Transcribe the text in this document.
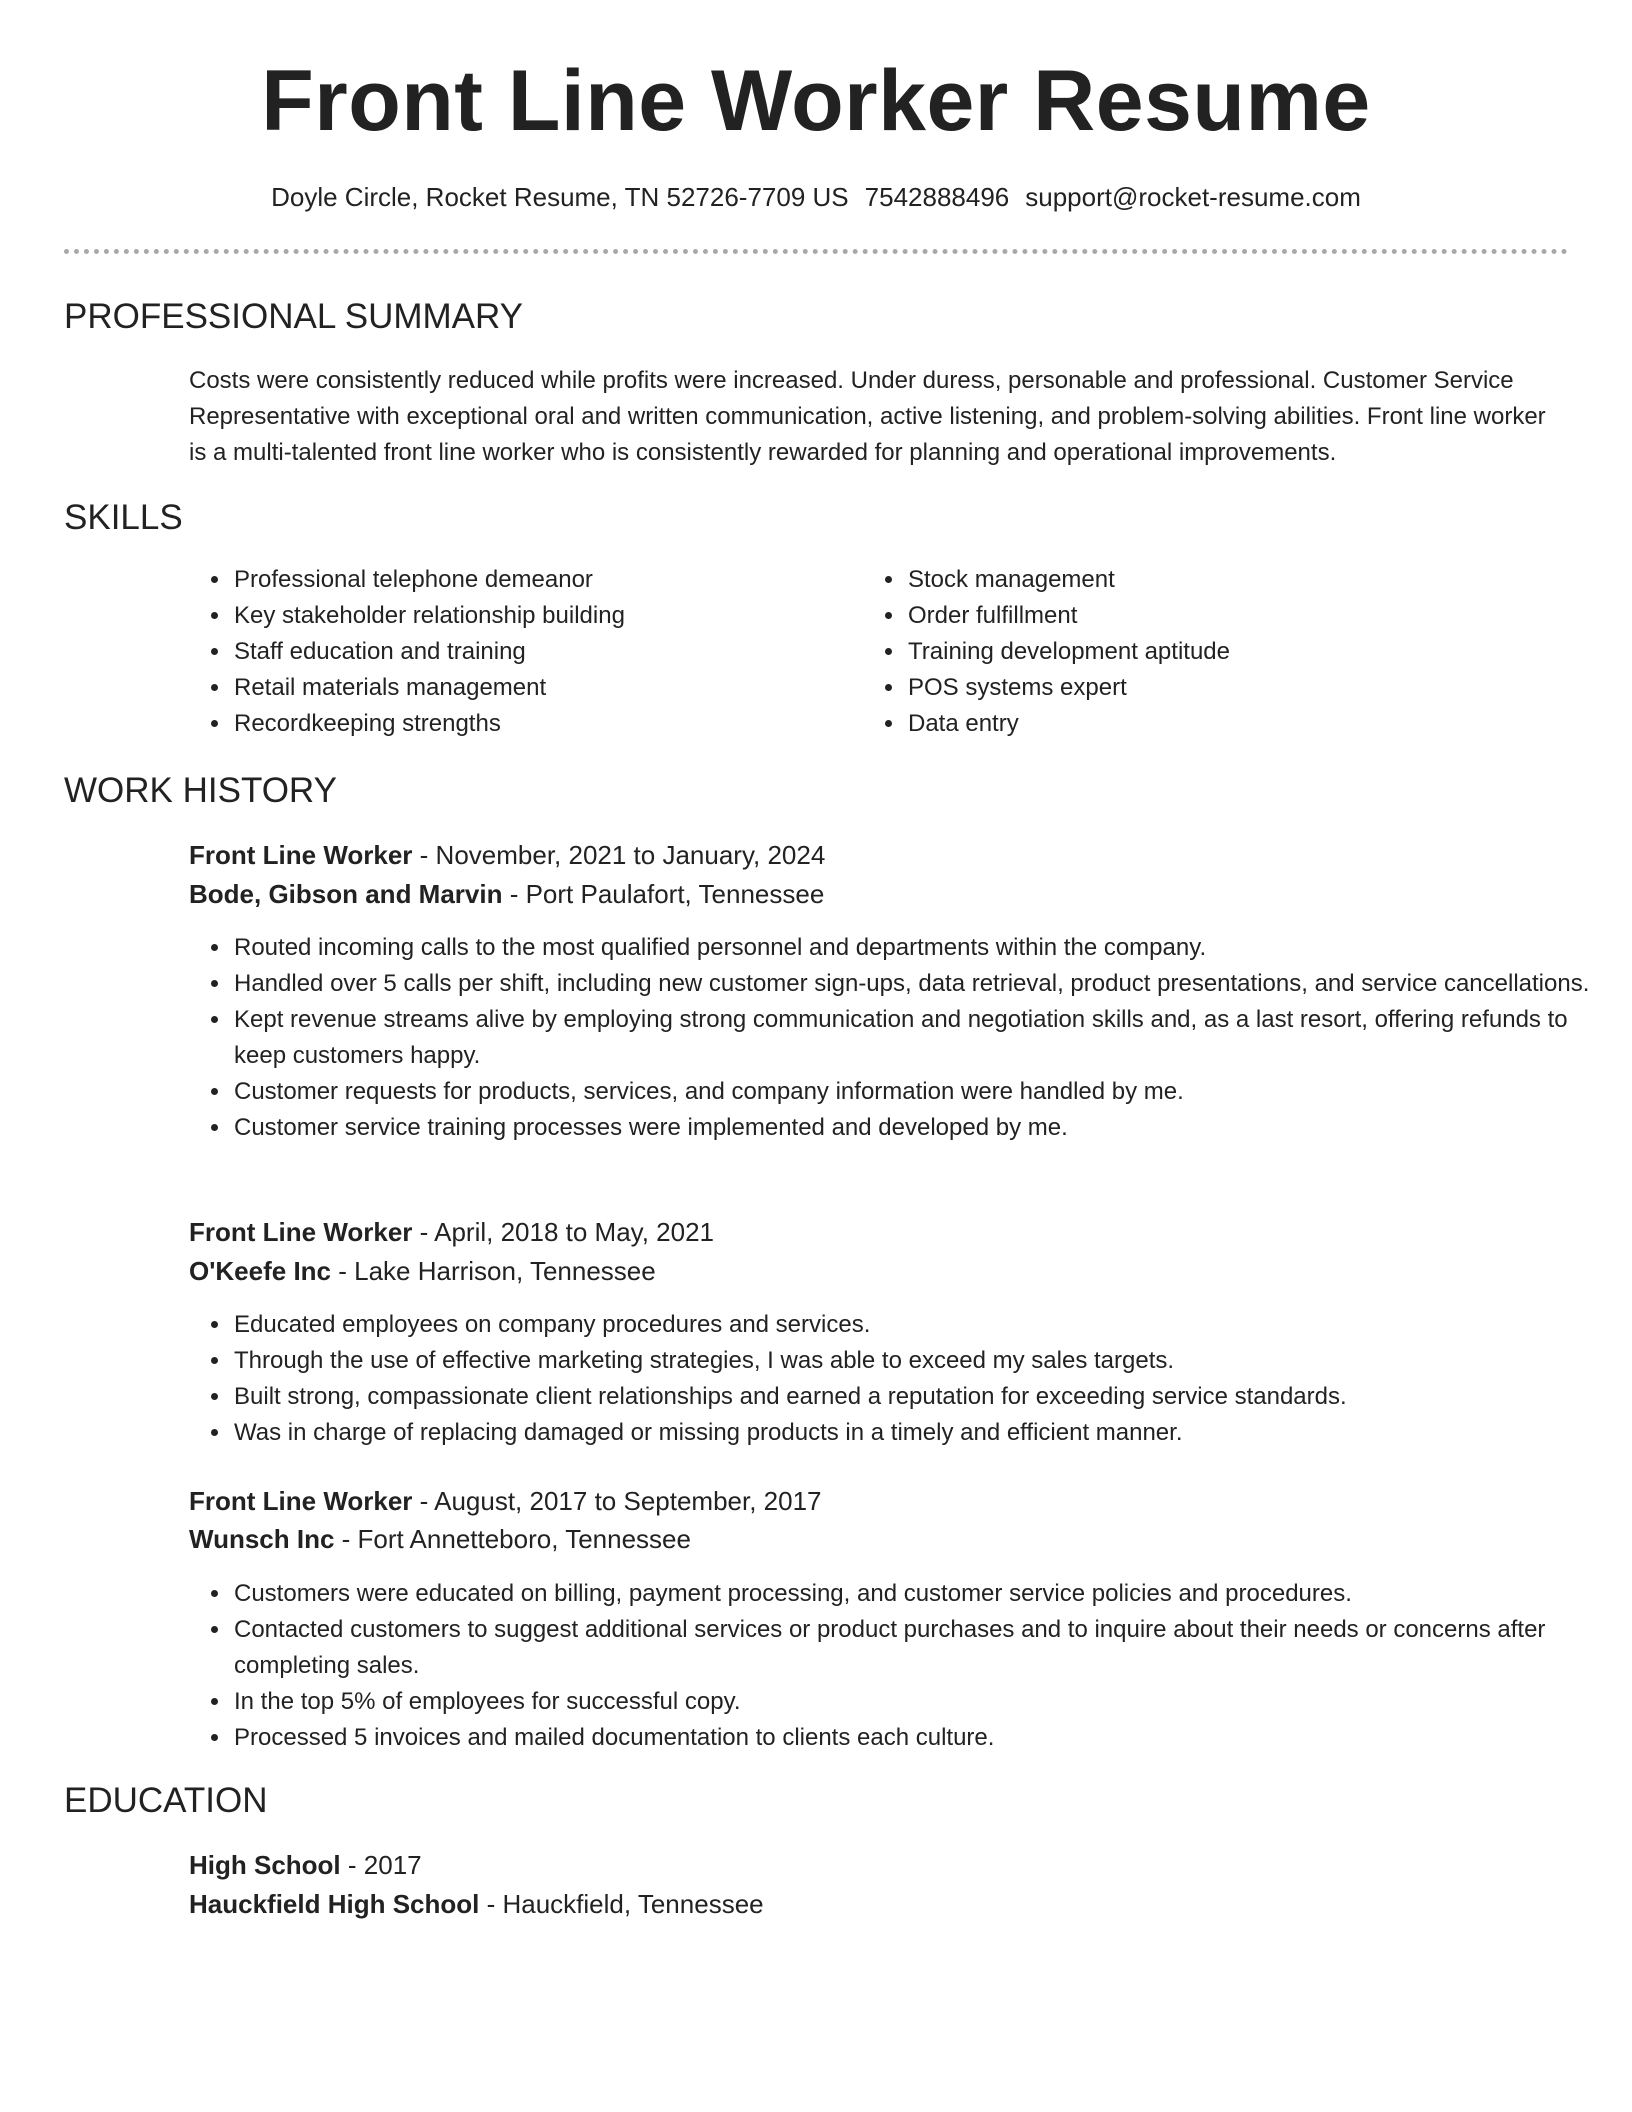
Front Line Worker Resume
Doyle Circle, Rocket Resume, TN 52726-7709 US 7542888496 support@rocket-resume.com
PROFESSIONAL SUMMARY
Costs were consistently reduced while profits were increased. Under duress, personable and professional. Customer Service Representative with exceptional oral and written communication, active listening, and problem-solving abilities. Front line worker is a multi-talented front line worker who is consistently rewarded for planning and operational improvements.
SKILLS
• Professional telephone demeanor
• Key stakeholder relationship building
• Staff education and training
• Retail materials management
• Recordkeeping strengths
• Stock management
• Order fulfillment
• Training development aptitude
• POS systems expert
• Data entry
WORK HISTORY
Front Line Worker - November, 2021 to January, 2024
Bode, Gibson and Marvin - Port Paulafort, Tennessee
• Routed incoming calls to the most qualified personnel and departments within the company.
• Handled over 5 calls per shift, including new customer sign-ups, data retrieval, product presentations, and service cancellations.
• Kept revenue streams alive by employing strong communication and negotiation skills and, as a last resort, offering refunds to keep customers happy.
• Customer requests for products, services, and company information were handled by me.
• Customer service training processes were implemented and developed by me.
Front Line Worker - April, 2018 to May, 2021
O'Keefe Inc - Lake Harrison, Tennessee
• Educated employees on company procedures and services.
• Through the use of effective marketing strategies, I was able to exceed my sales targets.
• Built strong, compassionate client relationships and earned a reputation for exceeding service standards.
• Was in charge of replacing damaged or missing products in a timely and efficient manner.
Front Line Worker - August, 2017 to September, 2017
Wunsch Inc - Fort Annetteboro, Tennessee
• Customers were educated on billing, payment processing, and customer service policies and procedures.
• Contacted customers to suggest additional services or product purchases and to inquire about their needs or concerns after completing sales.
• In the top 5% of employees for successful copy.
• Processed 5 invoices and mailed documentation to clients each culture.
EDUCATION
High School - 2017
Hauckfield High School - Hauckfield, Tennessee
